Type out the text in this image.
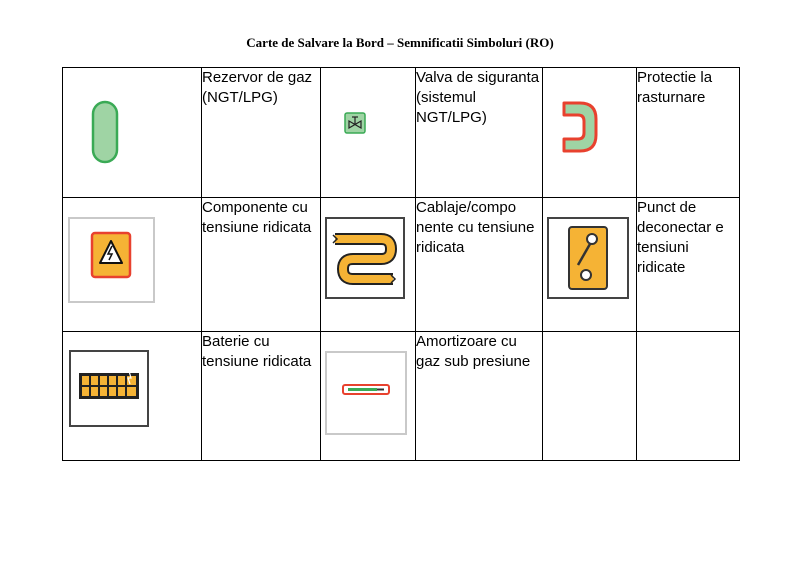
Carte de Salvare la Bord – Semnificatii Simboluri (RO)
	Rezervor de gaz (NGT/LPG)		Valva de siguranta (sistemul NGT/LPG)		Protectie la rasturnare

	Componente cu tensiune ridicata		Cablaje/compo nente cu tensiune ridicata		Punct de deconectar e tensiuni ridicate

	Baterie cu tensiune ridicata		Amortizoare cu gaz sub presiune		
